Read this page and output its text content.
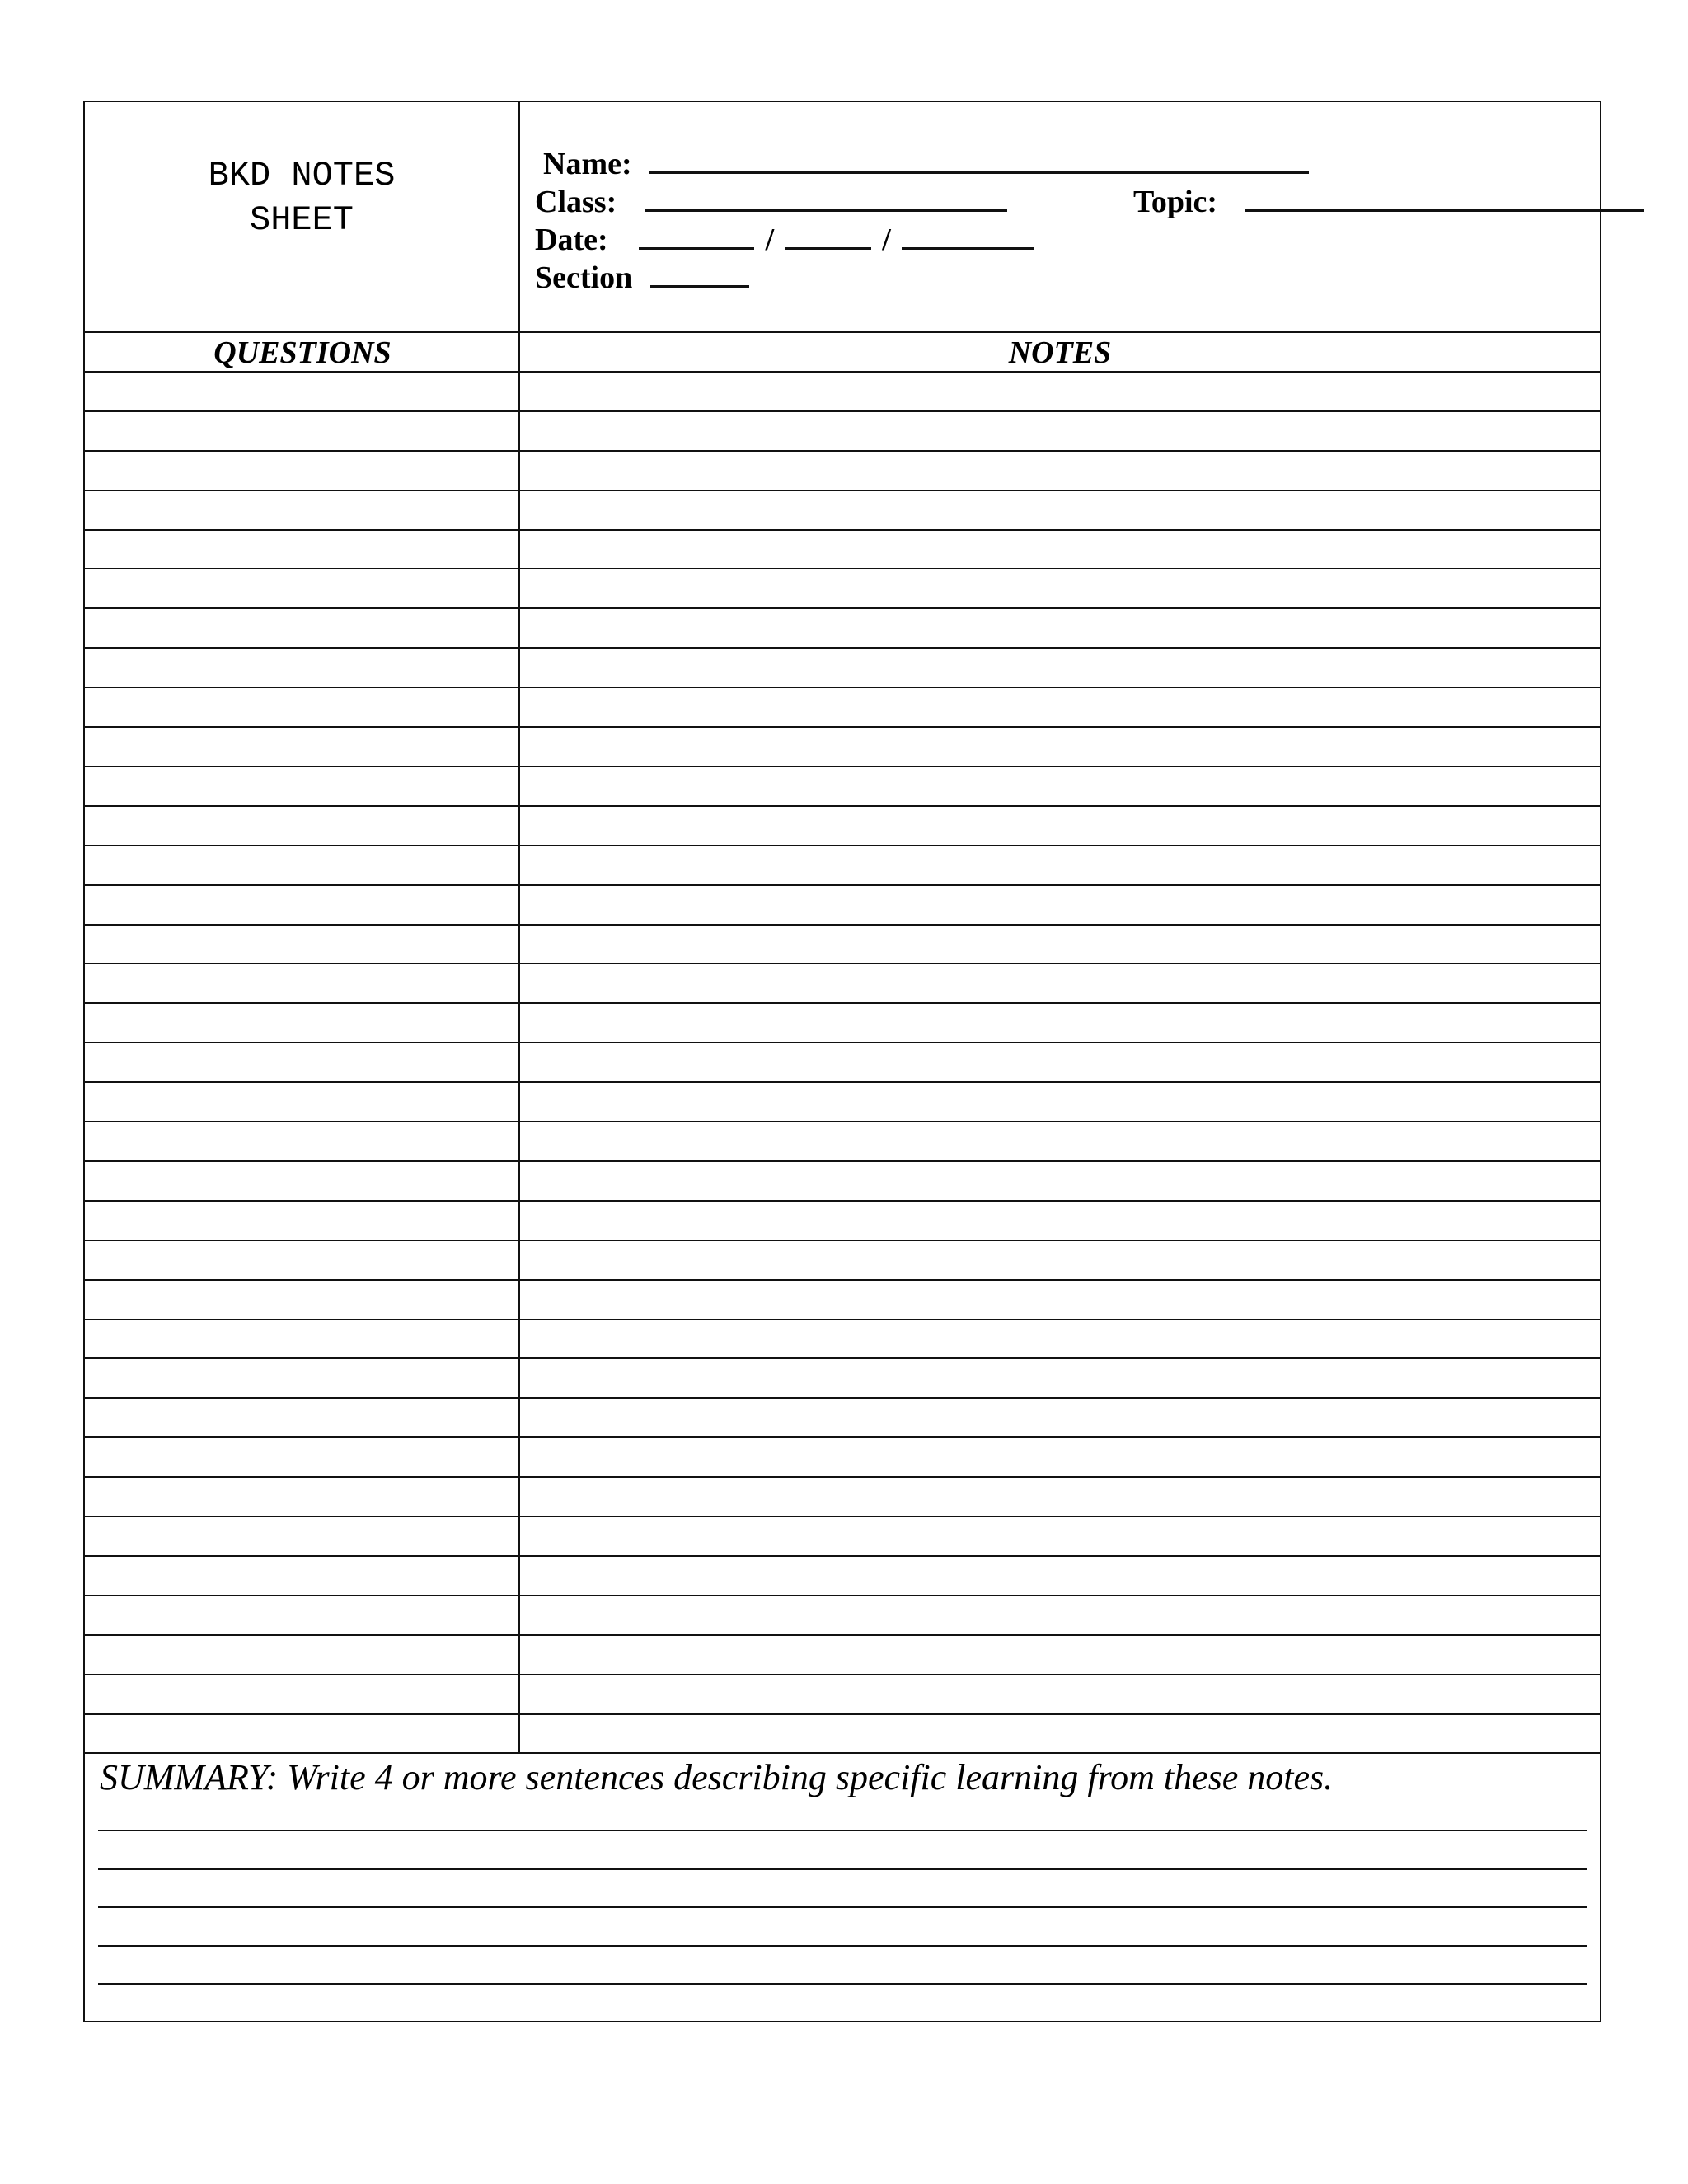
BKD NOTES
SHEET
Name:
Class:	Topic:
Date:	/	/
Section
QUESTIONS	NOTES
SUMMARY: Write 4 or more sentences describing specific learning from these notes.
